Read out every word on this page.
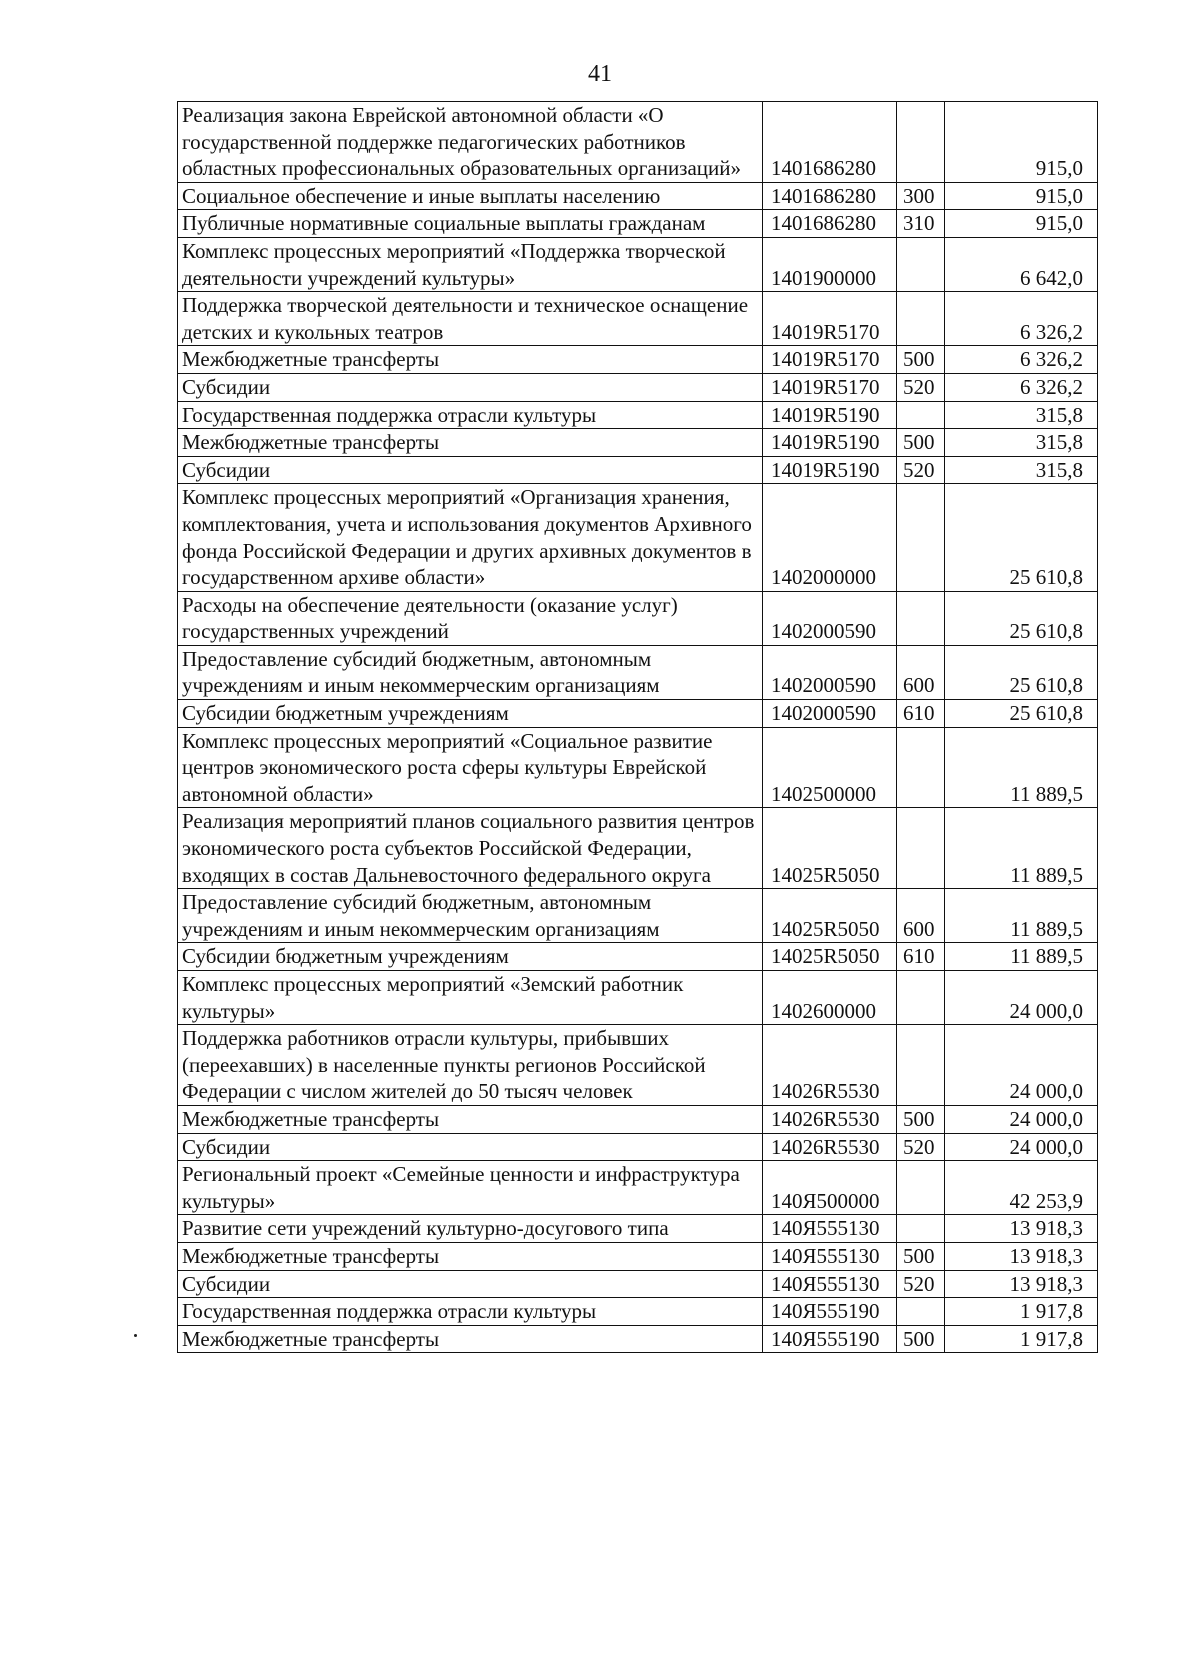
41
Реализация закона Еврейской автономной области «О государственной поддержке педагогических работников областных профессиональных образовательных организаций»	1401686280		915,0
Социальное обеспечение и иные выплаты населению	1401686280	300	915,0
Публичные нормативные социальные выплаты гражданам	1401686280	310	915,0
Комплекс процессных мероприятий «Поддержка творческой деятельности учреждений культуры»	1401900000		6 642,0
Поддержка творческой деятельности и техническое оснащение детских и кукольных театров	14019R5170		6 326,2
Межбюджетные трансферты	14019R5170	500	6 326,2
Субсидии	14019R5170	520	6 326,2
Государственная поддержка отрасли культуры	14019R5190		315,8
Межбюджетные трансферты	14019R5190	500	315,8
Субсидии	14019R5190	520	315,8
Комплекс процессных мероприятий «Организация хранения, комплектования, учета и использования документов Архивного фонда Российской Федерации и других архивных документов в государственном архиве области»	1402000000		25 610,8
Расходы на обеспечение деятельности (оказание услуг) государственных учреждений	1402000590		25 610,8
Предоставление субсидий бюджетным, автономным учреждениям и иным некоммерческим организациям	1402000590	600	25 610,8
Субсидии бюджетным учреждениям	1402000590	610	25 610,8
Комплекс процессных мероприятий «Социальное развитие центров экономического роста сферы культуры Еврейской автономной области»	1402500000		11 889,5
Реализация мероприятий планов социального развития центров экономического роста субъектов Российской Федерации, входящих в состав Дальневосточного федерального округа	14025R5050		11 889,5
Предоставление субсидий бюджетным, автономным учреждениям и иным некоммерческим организациям	14025R5050	600	11 889,5
Субсидии бюджетным учреждениям	14025R5050	610	11 889,5
Комплекс процессных мероприятий «Земский работник культуры»	1402600000		24 000,0
Поддержка работников отрасли культуры, прибывших (переехавших) в населенные пункты регионов Российской Федерации с числом жителей до 50 тысяч человек	14026R5530		24 000,0
Межбюджетные трансферты	14026R5530	500	24 000,0
Субсидии	14026R5530	520	24 000,0
Региональный проект «Семейные ценности и инфраструктура культуры»	140Я500000		42 253,9
Развитие сети учреждений культурно-досугового типа	140Я555130		13 918,3
Межбюджетные трансферты	140Я555130	500	13 918,3
Субсидии	140Я555130	520	13 918,3
Государственная поддержка отрасли культуры	140Я555190		1 917,8
Межбюджетные трансферты	140Я555190	500	1 917,8
